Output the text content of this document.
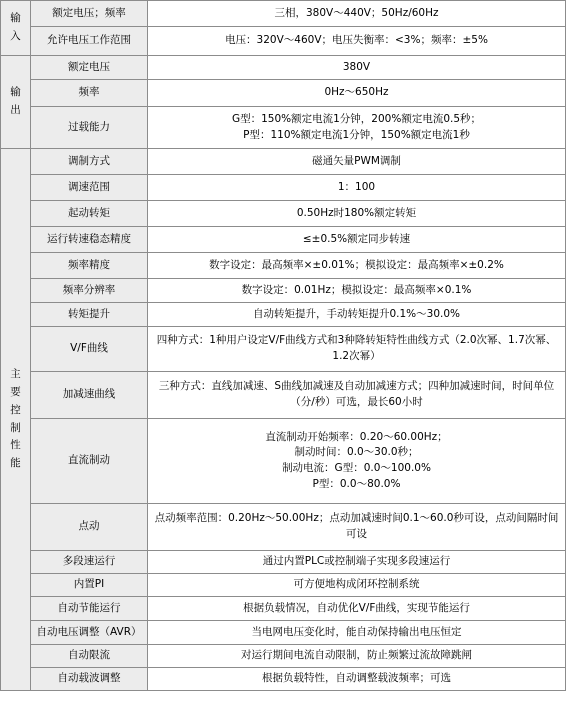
输入	额定电压；频率	三相，380V～440V；50Hz/60Hz
	允许电压工作范围	电压：320V～460V；电压失衡率：<3%；频率：±5%
输出	额定电压	380V
	频率	0Hz～650Hz
	过载能力	G型：150%额定电流1分钟，200%额定电流0.5秒；
P型：110%额定电流1分钟，150%额定电流1秒

主要控制性能	调制方式	磁通矢量PWM调制
	调速范围	1：100
	起动转矩	0.50Hz时180%额定转矩
	运行转速稳态精度	≤±0.5%额定同步转速
	频率精度	数字设定：最高频率×±0.01%；模拟设定：最高频率×±0.2%
	频率分辨率	数字设定：0.01Hz；模拟设定：最高频率×0.1%
	转矩提升	自动转矩提升，手动转矩提升0.1%～30.0%
	V/F曲线	四种方式：1种用户设定V/F曲线方式和3种降转矩特性曲线方式（2.0次幂、1.7次幂、1.2次幂）
	加减速曲线	三种方式：直线加减速、S曲线加减速及自动加减速方式；四种加减速时间，时间单位（分/秒）可选，最长60小时
	直流制动	直流制动开始频率：0.20～60.00Hz；
制动时间：0.0～30.0秒；
制动电流：G型：0.0～100.0%
P型：0.0～80.0%

	点动	点动频率范围：0.20Hz～50.00Hz；点动加减速时间0.1～60.0秒可设，点动间隔时间可设
	多段速运行	通过内置PLC或控制端子实现多段速运行
	内置PI	可方便地构成闭环控制系统
	自动节能运行	根据负载情况，自动优化V/F曲线，实现节能运行
	自动电压调整（AVR）	当电网电压变化时，能自动保持输出电压恒定
	自动限流	对运行期间电流自动限制，防止频繁过流故障跳闸
	自动载波调整	根据负载特性，自动调整载波频率；可选
